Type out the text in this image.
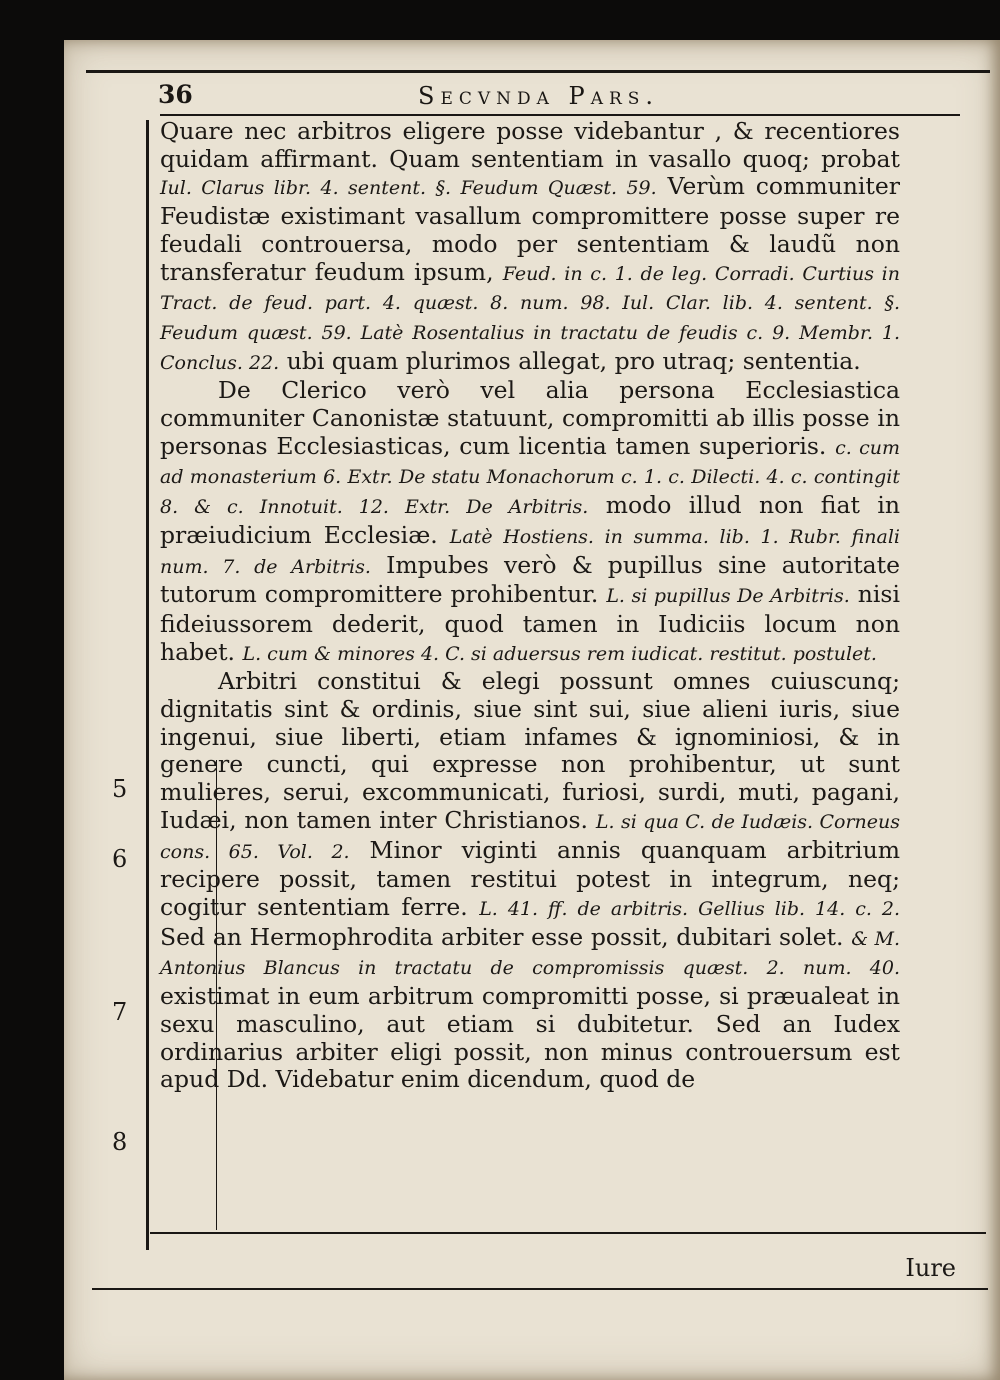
36	Secvnda Pars.

Quare nec arbitros eligere posse videbantur , & recentiores quidam affirmant. Quam sententiam in vasallo quoq; probat Iul. Clarus libr. 4. sentent. §. Feudum Quæst. 59. Verùm communiter Feudistæ existimant vasallum compromittere posse super re feudali controuersa, modo per sententiam & laudũ non transferatur feudum ipsum, Feud. in c. 1. de leg. Corradi. Curtius in Tract. de feud. part. 4. quæst. 8. num. 98. Iul. Clar. lib. 4. sentent. §. Feudum quæst. 59. Latè Rosentalius in tractatu de feudis c. 9. Membr. 1. Conclus. 22. ubi quam plurimos allegat, pro utraq; sententia.

De Clerico verò vel alia persona Ecclesiastica communiter Canonistæ statuunt, compromitti ab illis posse in personas Ecclesiasticas, cum licentia tamen superioris. c. cum ad monasterium 6. Extr. De statu Monachorum c. 1. c. Dilecti. 4. c. contingit 8. & c. Innotuit. 12. Extr. De Arbitris. modo illud non fiat in præiudicium Ecclesiæ. Latè Hostiens. in summa. lib. 1. Rubr. finali num. 7. de Arbitris. Impubes verò & pupillus sine autoritate tutorum compromittere prohibentur. L. si pupillus De Arbitris. nisi fideiussorem dederit, quod tamen in Iudiciis locum non habet. L. cum & minores 4. C. si aduersus rem iudicat. restitut. postulet.

Arbitri constitui & elegi possunt omnes cuiuscunq; dignitatis sint & ordinis, siue sint sui, siue alieni iuris, siue ingenui, siue liberti, etiam infames & ignominiosi, & in genere cuncti, qui expresse non prohibentur, ut sunt mulieres, serui, excommunicati, furiosi, surdi, muti, pagani, Iudæi, non tamen inter Christianos. L. si qua C. de Iudæis. Corneus cons. 65. Vol. 2. Minor viginti annis quanquam arbitrium recipere possit, tamen restitui potest in integrum, neq; cogitur sententiam ferre. L. 41. ff. de arbitris. Gellius lib. 14. c. 2. Sed an Hermophrodita arbiter esse possit, dubitari solet. & M. Antonius Blancus in tractatu de compromissis quæst. 2. num. 40. existimat in eum arbitrum compromitti posse, si præualeat in sexu masculino, aut etiam si dubitetur. Sed an Iudex ordinarius arbiter eligi possit, non minus controuersum est apud Dd. Videbatur enim dicendum, quod de

5
6
7
8
Iure
